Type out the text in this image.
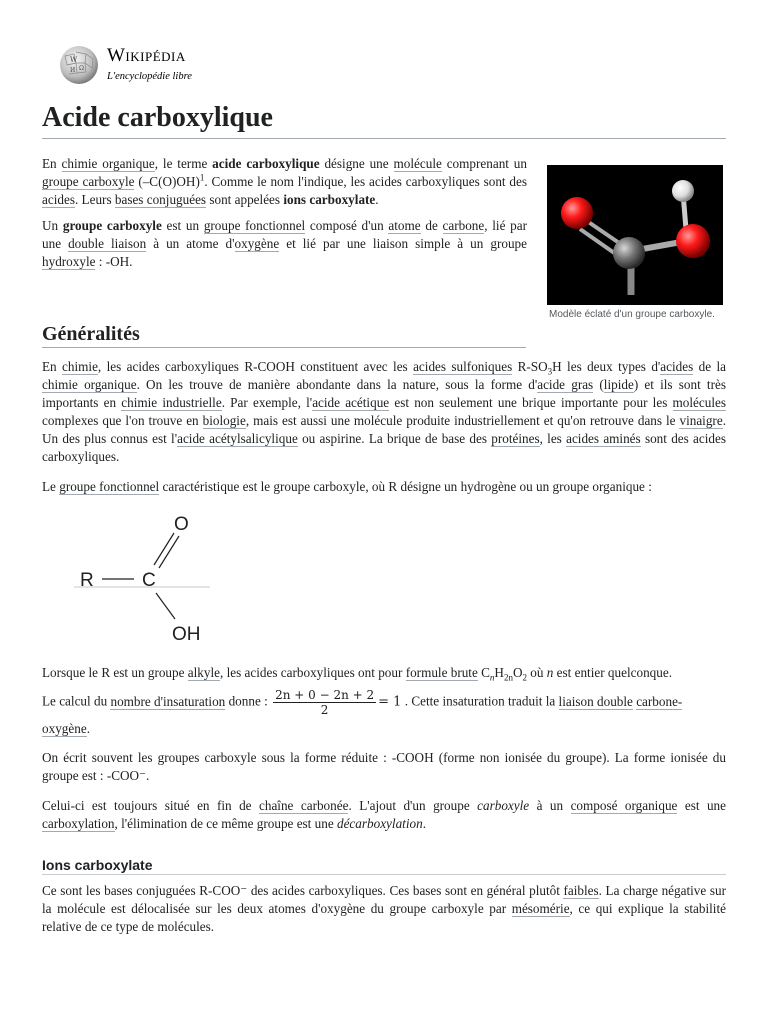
W
Ω
И
Wikipédia
L'encyclopédie libre
Acide carboxylique

En chimie organique, le terme acide carboxylique désigne une molécule comprenant un groupe carboxyle $(-C(O)OH)^1$. Comme le nom l'indique, les acides carboxyliques sont des acides. Leurs bases conjuguées sont appelées ions carboxylate.

Un groupe carboxyle est un groupe fonctionnel composé d'un atome de carbone, lié par une double liaison à un atome d'oxygène et lié par une liaison simple à un groupe hydroxyle : -OH.

Modèle éclaté d'un groupe carboxyle.
Généralités

En chimie, les acides carboxyliques R-COOH constituent avec les acides sulfoniques $R-SO_3H$ les deux types d'acides de la chimie organique. On les trouve de manière abondante dans la nature, sous la forme d'acide gras (lipide) et ils sont très importants en chimie industrielle. Par exemple, l'acide acétique est non seulement une brique importante pour les molécules complexes que l'on trouve en biologie, mais est aussi une molécule produite industriellement et qu'on retrouve dans le vinaigre. Un des plus connus est l'acide acétylsalicylique ou aspirine. La brique de base des protéines, les acides aminés sont des acides carboxyliques.

Le groupe fonctionnel caractéristique est le groupe carboxyle, où R désigne un hydrogène ou un groupe organique :

R	C
O
OH

Lorsque le R est un groupe alkyle, les acides carboxyliques ont pour formule brute $C_nH_{2n}O_2$ où n est entier quelconque.

Le calcul du nombre d'insaturation donne : $\frac{2n + 0 - 2n + 2}{2} = 1$ . Cette insaturation traduit la liaison double carbone-oxygène.

On écrit souvent les groupes carboxyle sous la forme réduite : -COOH (forme non ionisée du groupe). La forme ionisée du groupe est : -COO⁻.

Celui-ci est toujours situé en fin de chaîne carbonée. L'ajout d'un groupe carboxyle à un composé organique est une carboxylation, l'élimination de ce même groupe est une décarboxylation.

Ions carboxylate

Ce sont les bases conjuguées R-COO⁻ des acides carboxyliques. Ces bases sont en général plutôt faibles. La charge négative sur la molécule est délocalisée sur les deux atomes d'oxygène du groupe carboxyle par mésomérie, ce qui explique la stabilité relative de ce type de molécules.
